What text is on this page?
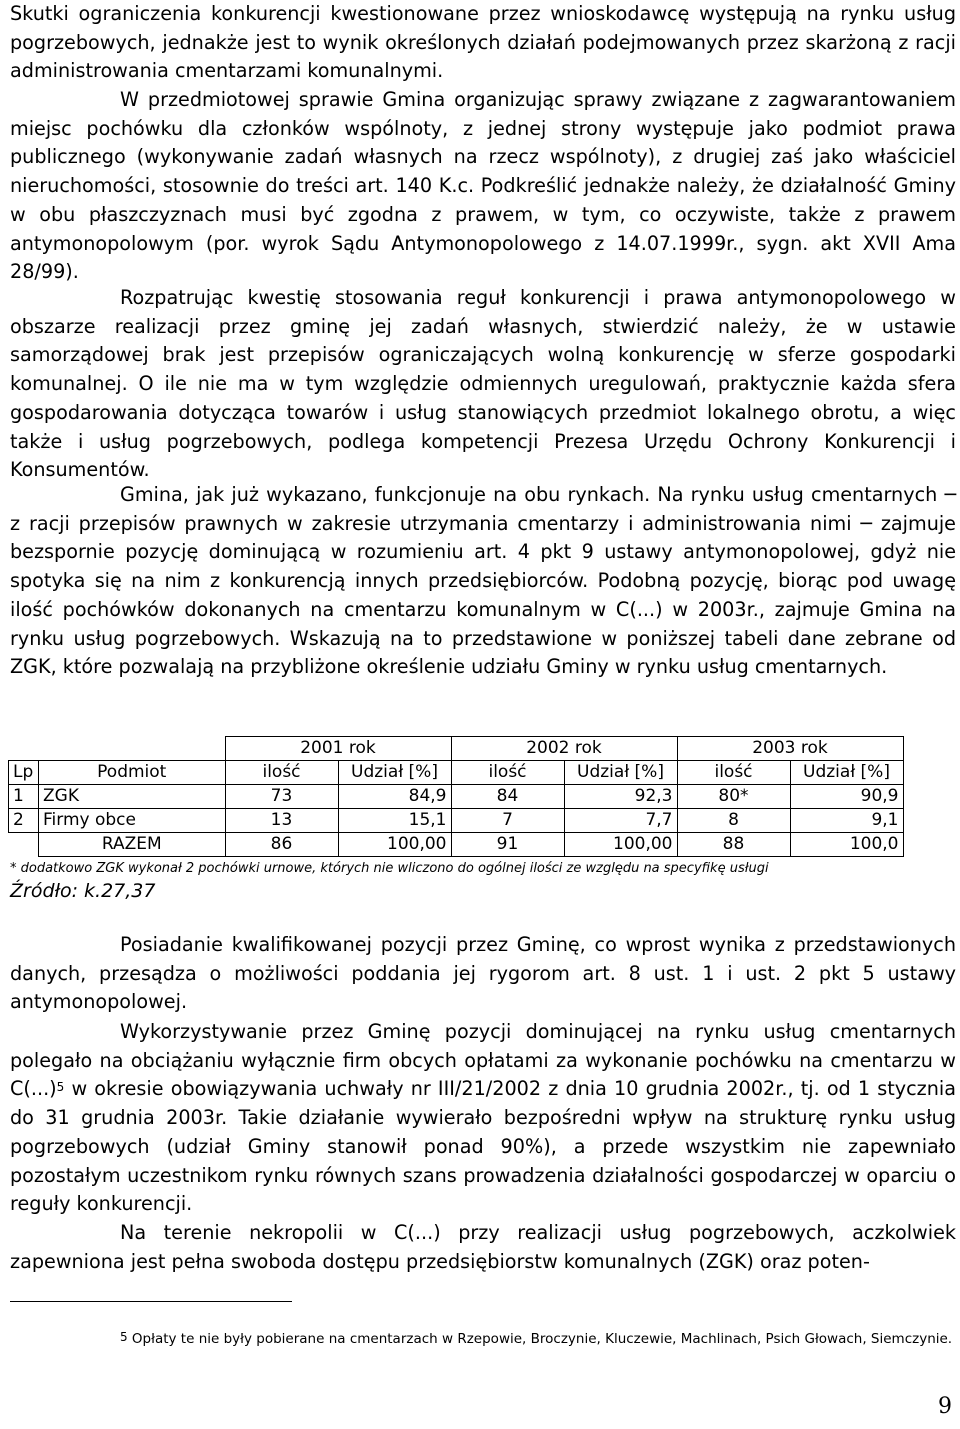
Skutki ograniczenia konkurencji kwestionowane przez wnioskodawcę występują na rynku usług pogrzebowych, jednakże jest to wynik określonych działań podejmowanych przez skarżoną z racji administrowania cmentarzami komunalnymi.

W przedmiotowej sprawie Gmina organizując sprawy związane z zagwarantowaniem miejsc pochówku dla członków wspólnoty, z jednej strony występuje jako podmiot prawa publicznego (wykonywanie zadań własnych na rzecz wspólnoty), z drugiej zaś jako właściciel nieruchomości, stosownie do treści art. 140 K.c. Podkreślić jednakże należy, że działalność Gminy w obu płaszczyznach musi być zgodna z prawem, w tym, co oczywiste, także z prawem antymonopolowym (por. wyrok Sądu Antymonopolowego z 14.07.1999r., sygn. akt XVII Ama 28/99).

Rozpatrując kwestię stosowania reguł konkurencji i prawa antymonopolowego w obszarze realizacji przez gminę jej zadań własnych, stwierdzić należy, że w ustawie samorządowej brak jest przepisów ograniczających wolną konkurencję w sferze gospodarki komunalnej. O ile nie ma w tym względzie odmiennych uregulowań, praktycznie każda sfera gospodarowania dotycząca towarów i usług stanowiących przedmiot lokalnego obrotu, a więc także i usług pogrzebowych, podlega kompetencji Prezesa Urzędu Ochrony Konkurencji i Konsumentów.

Gmina, jak już wykazano, funkcjonuje na obu rynkach. Na rynku usług cmentarnych ─ z racji przepisów prawnych w zakresie utrzymania cmentarzy i administrowania nimi ─ zajmuje bezspornie pozycję dominującą w rozumieniu art. 4 pkt 9 ustawy antymonopolowej, gdyż nie spotyka się na nim z konkurencją innych przedsiębiorców. Podobną pozycję, biorąc pod uwagę ilość pochówków dokonanych na cmentarzu komunalnym w C(...) w 2003r., zajmuje Gmina na rynku usług pogrzebowych. Wskazują na to przedstawione w poniższej tabeli dane zebrane od ZGK, które pozwalają na przybliżone określenie udziału Gminy w rynku usług cmentarnych.

		2001 rok		2002 rok		2003 rok	
Lp	Podmiot	ilość	Udział [%]	ilość	Udział [%]	ilość	Udział [%]
1	ZGK	73	84,9	84	92,3	80*	90,9
2	Firmy obce	13	15,1	7	7,7	8	9,1
	RAZEM	86	100,00	91	100,00	88	100,0
* dodatkowo ZGK wykonał 2 pochówki urnowe, których nie wliczono do ogólnej ilości ze względu na specyfikę usługi
Źródło: k.27,37

Posiadanie kwalifikowanej pozycji przez Gminę, co wprost wynika z przedstawionych danych, przesądza o możliwości poddania jej rygorom art. 8 ust. 1 i ust. 2 pkt 5 ustawy antymonopolowej.

Wykorzystywanie przez Gminę pozycji dominującej na rynku usług cmentarnych polegało na obciążaniu wyłącznie firm obcych opłatami za wykonanie pochówku na cmentarzu w C(...)$^5$ w okresie obowiązywania uchwały nr III/21/2002 z dnia 10 grudnia 2002r., tj. od 1 stycznia do 31 grudnia 2003r. Takie działanie wywierało bezpośredni wpływ na strukturę rynku usług pogrzebowych (udział Gminy stanowił ponad 90%), a przede wszystkim nie zapewniało pozostałym uczestnikom rynku równych szans prowadzenia działalności gospodarczej w oparciu o reguły konkurencji.

Na terenie nekropolii w C(...) przy realizacji usług pogrzebowych, aczkolwiek zapewniona jest pełna swoboda dostępu przedsiębiorstw komunalnych (ZGK) oraz poten-

5 Opłaty te nie były pobierane na cmentarzach w Rzepowie, Broczynie, Kluczewie, Machlinach, Psich Głowach, Siemczynie.

9
